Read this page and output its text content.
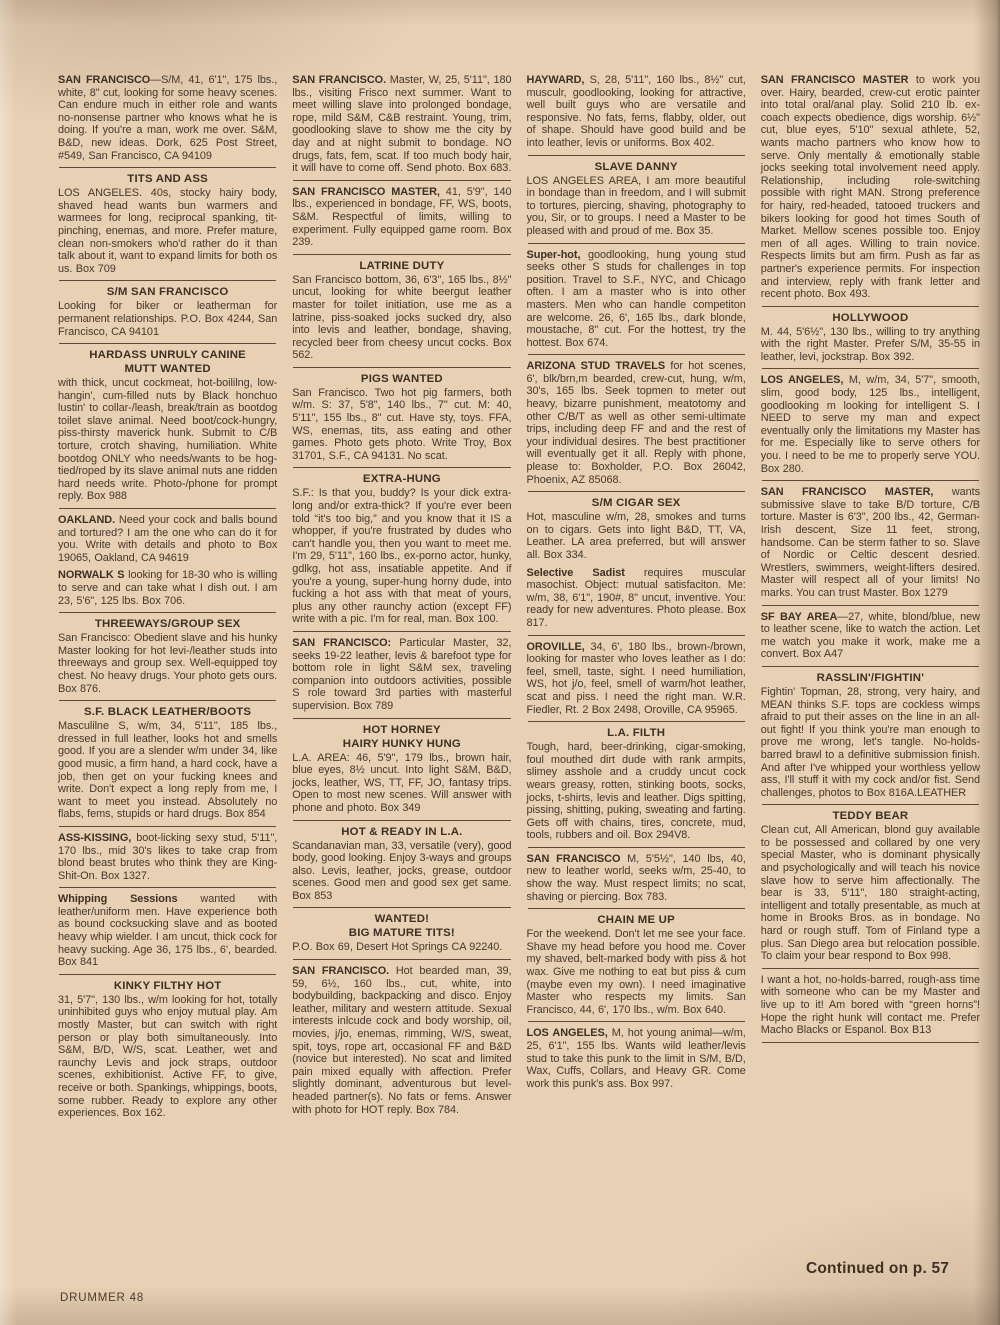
SAN FRANCISCO—S/M, 41, 6'1", 175 lbs., white, 8" cut, looking for some heavy scenes. Can endure much in either role and wants no-nonsense partner who knows what he is doing. If you're a man, work me over. S&M, B&D, new ideas. Dork, 625 Post Street, #549, San Francisco, CA 94109

TITS AND ASS

LOS ANGELES. 40s, stocky hairy body, shaved head wants bun warmers and warmees for long, reciprocal spanking, tit-pinching, enemas, and more. Prefer mature, clean non-smokers who'd rather do it than talk about it, want to expand limits for both os us. Box 709

S/M SAN FRANCISCO

Looking for biker or leatherman for permanent relationships. P.O. Box 4244, San Francisco, CA 94101

HARDASS UNRULY CANINE
MUTT WANTED

with thick, uncut cockmeat, hot-boililng, low-hangin', cum-filled nuts by Black honchuo lustin' to collar-/leash, break/train as bootdog toilet slave animal. Need boot/cock-hungry, piss-thirsty maverick hunk. Submit to C/B torture, crotch shaving, humiliation. White bootdog ONLY who needs/wants to be hog-tied/roped by its slave animal nuts ane ridden hard needs write. Photo-/phone for prompt reply. Box 988

OAKLAND. Need your cock and balls bound and tortured? I am the one who can do it for you. Write with details and photo to Box 19065, Oakland, CA 94619

NORWALK S looking for 18-30 who is willing to serve and can take what I dish out. I am 23, 5'6", 125 lbs. Box 706.

THREEWAYS/GROUP SEX

San Francisco: Obedient slave and his hunky Master looking for hot levi-/leather studs into threeways and group sex. Well-equipped toy chest. No heavy drugs. Your photo gets ours. Box 876.

S.F. BLACK LEATHER/BOOTS

Masculilne S, w/m, 34, 5'11", 185 lbs., dressed in full leather, looks hot and smells good. If you are a slender w/m under 34, like good music, a firm hand, a hard cock, have a job, then get on your fucking knees and write. Don't expect a long reply from me, I want to meet you instead. Absolutely no flabs, fems, stupids or hard drugs. Box 854

ASS-KISSING, boot-licking sexy stud, 5'11", 170 lbs., mid 30's likes to take crap from blond beast brutes who think they are King-Shit-On. Box 1327.

Whipping Sessions wanted with leather/uniform men. Have experience both as bound cocksucking slave and as booted heavy whip wielder. I am uncut, thick cock for heavy sucking. Age 36, 175 lbs., 6', bearded. Box 841

KINKY FILTHY HOT

31, 5'7", 130 lbs., w/m looking for hot, totally uninhibited guys who enjoy mutual play. Am mostly Master, but can switch with right person or play both simultaneously. Into S&M, B/D, W/S, scat. Leather, wet and raunchy Levis and jock straps, outdoor scenes, exhibitionist. Active FF, to give, receive or both. Spankings, whippings, boots, some rubber. Ready to explore any other experiences. Box 162.

SAN FRANCISCO. Master, W, 25, 5'11", 180 lbs., visiting Frisco next summer. Want to meet willing slave into prolonged bondage, rope, mild S&M, C&B restraint. Young, trim, goodlooking slave to show me the city by day and at night submit to bondage. NO drugs, fats, fem, scat. If too much body hair, it will have to come off. Send photo. Box 683.

SAN FRANCISCO MASTER, 41, 5'9", 140 lbs., experienced in bondage, FF, WS, boots, S&M. Respectful of limits, willing to experiment. Fully equipped game room. Box 239.

LATRINE DUTY

San Francisco bottom, 36, 6'3", 165 lbs., 8½" uncut, looking for white beergut leather master for toilet initiation, use me as a latrine, piss-soaked jocks sucked dry, also into levis and leather, bondage, shaving, recycled beer from cheesy uncut cocks. Box 562.

PIGS WANTED

San Francisco. Two hot pig farmers, both w/m. S: 37, 5'8", 140 lbs., 7" cut. M: 40, 5'11", 155 lbs., 8" cut. Have sty, toys. FFA, WS, enemas, tits, ass eating and other games. Photo gets photo. Write Troy, Box 31701, S.F., CA 94131. No scat.

EXTRA-HUNG

S.F.: Is that you, buddy? Is your dick extra-long and/or extra-thick? If you're ever been told “it's too big,” and you know that it IS a whopper, if you're frustrated by dudes who can't handle you, then you want to meet me. I'm 29, 5'11", 160 lbs., ex-porno actor, hunky, gdlkg, hot ass, insatiable appetite. And if you're a young, super-hung horny dude, into fucking a hot ass with that meat of yours, plus any other raunchy action (except FF) write with a pic. I'm for real, man. Box 100.

SAN FRANCISCO: Particular Master, 32, seeks 19-22 leather, levis & barefoot type for bottom role in light S&M sex, traveling companion into outdoors activities, possible S role toward 3rd parties with masterful supervision. Box 789

HOT HORNEY
HAIRY HUNKY HUNG

L.A. AREA: 46, 5'9", 179 lbs., brown hair, blue eyes, 8½ uncut. Into light S&M, B&D, jocks, leather, WS, TT, FF, JO, fantasy trips. Open to most new scenes. Will answer with phone and photo. Box 349

HOT & READY IN L.A.

Scandanavian man, 33, versatile (very), good body, good looking. Enjoy 3-ways and groups also. Levis, leather, jocks, grease, outdoor scenes. Good men and good sex get same. Box 853

WANTED!
BIG MATURE TITS!

P.O. Box 69, Desert Hot Springs CA 92240.

SAN FRANCISCO. Hot bearded man, 39, 59, 6½, 160 lbs., cut, white, into bodybuilding, backpacking and disco. Enjoy leather, military and western attitude. Sexual interests inlcude cock and body worship, oil, movies, j/jo, enemas, rimming, W/S, sweat, spit, toys, rope art, occasional FF and B&D (novice but interested). No scat and limited pain mixed equally with affection. Prefer slightly dominant, adventurous but level-headed partner(s). No fats or fems. Answer with photo for HOT reply. Box 784.

HAYWARD, S, 28, 5'11", 160 lbs., 8½" cut, musculr, goodlooking, looking for attractive, well built guys who are versatile and responsive. No fats, fems, flabby, older, out of shape. Should have good build and be into leather, levis or uniforms. Box 402.

SLAVE DANNY

LOS ANGELES AREA, I am more beautiful in bondage than in freedom, and I will submit to tortures, piercing, shaving, photography to you, Sir, or to groups. I need a Master to be pleased with and proud of me. Box 35.

Super-hot, goodlooking, hung young stud seeks other S studs for challenges in top position. Travel to S.F., NYC, and Chicago often. I am a master who is into other masters. Men who can handle competiton are welcome. 26, 6', 165 lbs., dark blonde, moustache, 8" cut. For the hottest, try the hottest. Box 674.

ARIZONA STUD TRAVELS for hot scenes, 6', blk/brn,m bearded, crew-cut, hung, w/m, 30's, 165 lbs. Seek topmen to meter out heavy, bizarre punishment, meatotomy and other C/B/T as well as other semi-ultimate trips, including deep FF and and the rest of your individual desires. The best practitioner will eventually get it all. Reply with phone, please to: Boxholder, P.O. Box 26042, Phoenix, AZ 85068.

S/M CIGAR SEX

Hot, masculine w/m, 28, smokes and turns on to cigars. Gets into light B&D, TT, VA, Leather. LA area preferred, but will answer all. Box 334.

Selective Sadist requires muscular masochist. Object: mutual satisfaciton. Me: w/m, 38, 6'1", 190#, 8" uncut, inventive. You: ready for new adventures. Photo please. Box 817.

OROVILLE, 34, 6', 180 lbs., brown-/brown, looking for master who loves leather as I do: feel, smell, taste, sight. I need humiliation, WS, hot j/o, feel, smell of warm/hot leather, scat and piss. I need the right man. W.R. Fiedler, Rt. 2 Box 2498, Oroville, CA 95965.

L.A. FILTH

Tough, hard, beer-drinking, cigar-smoking, foul mouthed dirt dude with rank armpits, slimey asshole and a cruddy uncut cock wears greasy, rotten, stinking boots, socks, jocks, t-shirts, levis and leather. Digs spitting, pissing, shitting, puking, sweating and farting. Gets off with chains, tires, concrete, mud, tools, rubbers and oil. Box 294V8.

SAN FRANCISCO M, 5'5½", 140 lbs, 40, new to leather world, seeks w/m, 25-40, to show the way. Must respect limits; no scat, shaving or piercing. Box 783.

CHAIN ME UP

For the weekend. Don't let me see your face. Shave my head before you hood me. Cover my shaved, belt-marked body with piss & hot wax. Give me nothing to eat but piss & cum (maybe even my own). I need imaginative Master who respects my limits. San Francisco, 44, 6', 170 lbs., w/m. Box 640.

LOS ANGELES, M, hot young animal—w/m, 25, 6'1", 155 lbs. Wants wild leather/levis stud to take this punk to the limit in S/M, B/D, Wax, Cuffs, Collars, and Heavy GR. Come work this punk's ass. Box 997.

SAN FRANCISCO MASTER to work you over. Hairy, bearded, crew-cut erotic painter into total oral/anal play. Solid 210 lb. ex-coach expects obedience, digs worship. 6½" cut, blue eyes, 5'10" sexual athlete, 52, wants macho partners who know how to serve. Only mentally & emotionally stable jocks seeking total involvement need apply. Relationship, including role-switching possible with right MAN. Strong preference for hairy, red-headed, tatooed truckers and bikers looking for good hot times South of Market. Mellow scenes possible too. Enjoy men of all ages. Willing to train novice. Respects limits but am firm. Push as far as partner's experience permits. For inspection and interview, reply with frank letter and recent photo. Box 493.

HOLLYWOOD

M. 44, 5'6½", 130 lbs., willing to try anything with the right Master. Prefer S/M, 35-55 in leather, levi, jockstrap. Box 392.

LOS ANGELES, M, w/m, 34, 5'7", smooth, slim, good body, 125 lbs., intelligent, goodlooking m looking for intelligent S. I NEED to serve my man and expect eventually only the limitations my Master has for me. Especially like to serve others for you. I need to be me to properly serve YOU. Box 280.

SAN FRANCISCO MASTER, wants submissive slave to take B/D torture, C/B torture. Master is 6'3", 200 lbs., 42, German-Irish descent, Size 11 feet, strong, handsome. Can be sterm father to so. Slave of Nordic or Celtic descent desried. Wrestlers, swimmers, weight-lifters desired. Master will respect all of your limits! No marks. You can trust Master. Box 1279

SF BAY AREA—27, white, blond/blue, new to leather scene, like to watch the action. Let me watch you make it work, make me a convert. Box A47

RASSLIN'/FIGHTIN'

Fightin' Topman, 28, strong, very hairy, and MEAN thinks S.F. tops are cockless wimps afraid to put their asses on the line in an all-out fight! If you think you're man enough to prove me wrong, let's tangle. No-holds-barred brawl to a definitive submission finish. And after I've whipped your worthless yellow ass, I'll stuff it with my cock and/or fist. Send challenges, photos to Box 816A.LEATHER

TEDDY BEAR

Clean cut, All American, blond guy available to be possessed and collared by one very special Master, who is dominant physically and psychologically and will teach his novice slave how to serve him affectionally. The bear is 33, 5'11", 180 straight-acting, intelligent and totally presentable, as much at home in Brooks Bros. as in bondage. No hard or rough stuff. Tom of Finland type a plus. San Diego area but relocation possible. To claim your bear respond to Box 998.

I want a hot, no-holds-barred, rough-ass time with someone who can be my Master and live up to it! Am bored with “green horns”! Hope the right hunk will contact me. Prefer Macho Blacks or Espanol. Box B13

DRUMMER 48
Continued on p. 57
